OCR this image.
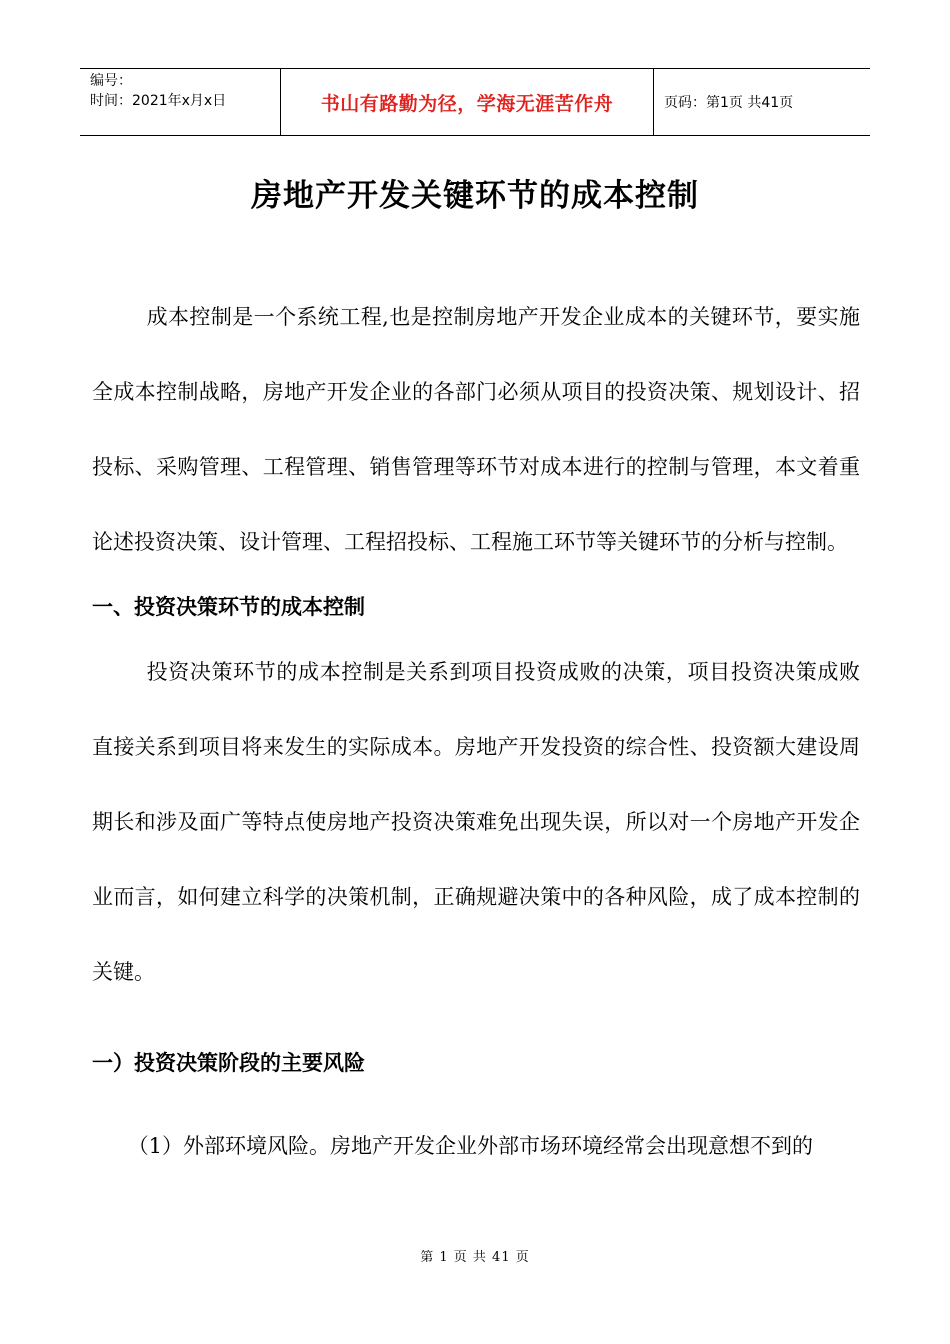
编号：
时间：2021年x月x日	书山有路勤为径，学海无涯苦作舟	页码：第1页 共41页
房地产开发关键环节的成本控制

成本控制是一个系统工程,也是控制房地产开发企业成本的关键环节，要实施全成本控制战略，房地产开发企业的各部门必须从项目的投资决策、规划设计、招投标、采购管理、工程管理、销售管理等环节对成本进行的控制与管理，本文着重论述投资决策、设计管理、工程招投标、工程施工环节等关键环节的分析与控制。

一、投资决策环节的成本控制

投资决策环节的成本控制是关系到项目投资成败的决策，项目投资决策成败直接关系到项目将来发生的实际成本。房地产开发投资的综合性、投资额大建设周期长和涉及面广等特点使房地产投资决策难免出现失误，所以对一个房地产开发企业而言，如何建立科学的决策机制，正确规避决策中的各种风险，成了成本控制的关键。

一）投资决策阶段的主要风险

（1）外部环境风险。房地产开发企业外部市场环境经常会出现意想不到的

第 1 页 共 41 页
